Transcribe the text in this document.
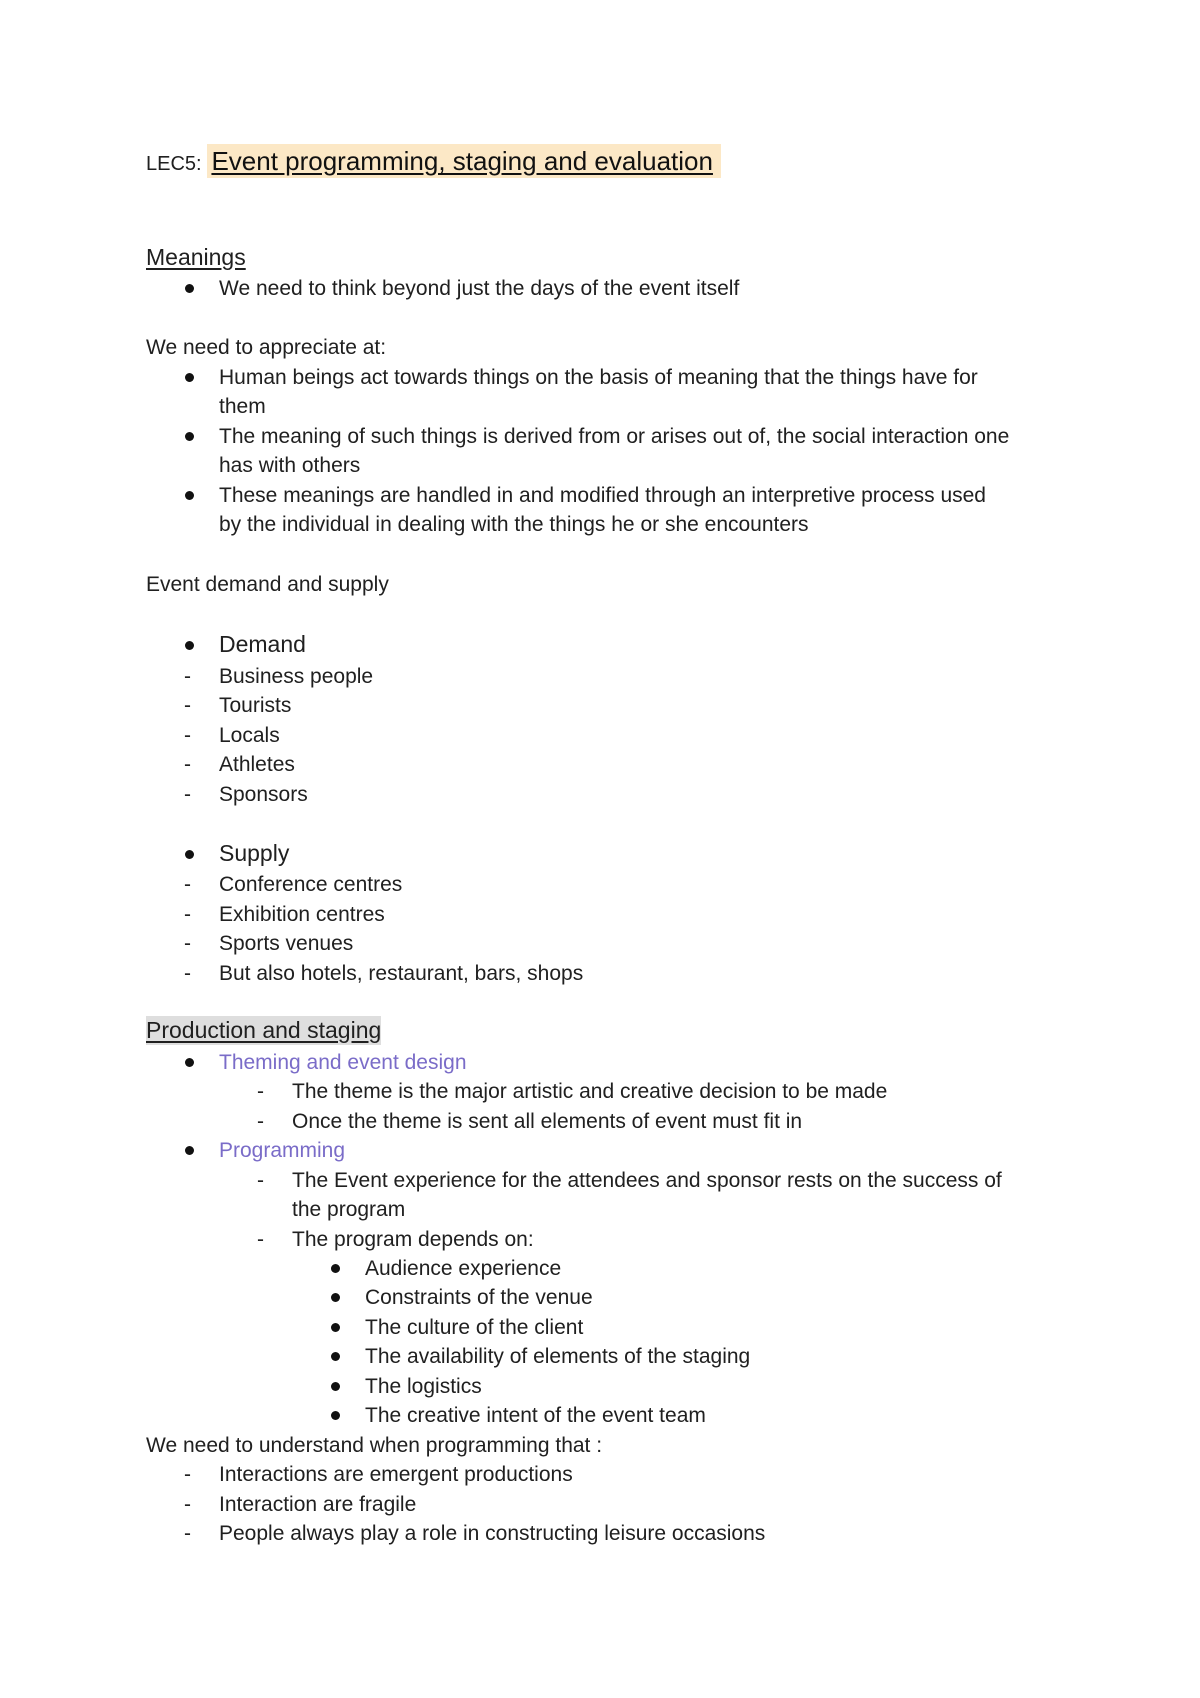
LEC5: Event programming, staging and evaluation
Meanings
We need to think beyond just the days of the event itself
We need to appreciate at:
Human beings act towards things on the basis of meaning that the things have for
them
The meaning of such things is derived from or arises out of, the social interaction one
has with others
These meanings are handled in and modified through an interpretive process used
by the individual in dealing with the things he or she encounters
Event demand and supply
Demand
- Business people
- Tourists
- Locals
- Athletes
- Sponsors
Supply
- Conference centres
- Exhibition centres
- Sports venues
- But also hotels, restaurant, bars, shops
Production and staging
Theming and event design
- The theme is the major artistic and creative decision to be made
- Once the theme is sent all elements of event must fit in
Programming
- The Event experience for the attendees and sponsor rests on the success of
the program
- The program depends on:
Audience experience
Constraints of the venue
The culture of the client
The availability of elements of the staging
The logistics
The creative intent of the event team
We need to understand when programming that :
- Interactions are emergent productions
- Interaction are fragile
- People always play a role in constructing leisure occasions
